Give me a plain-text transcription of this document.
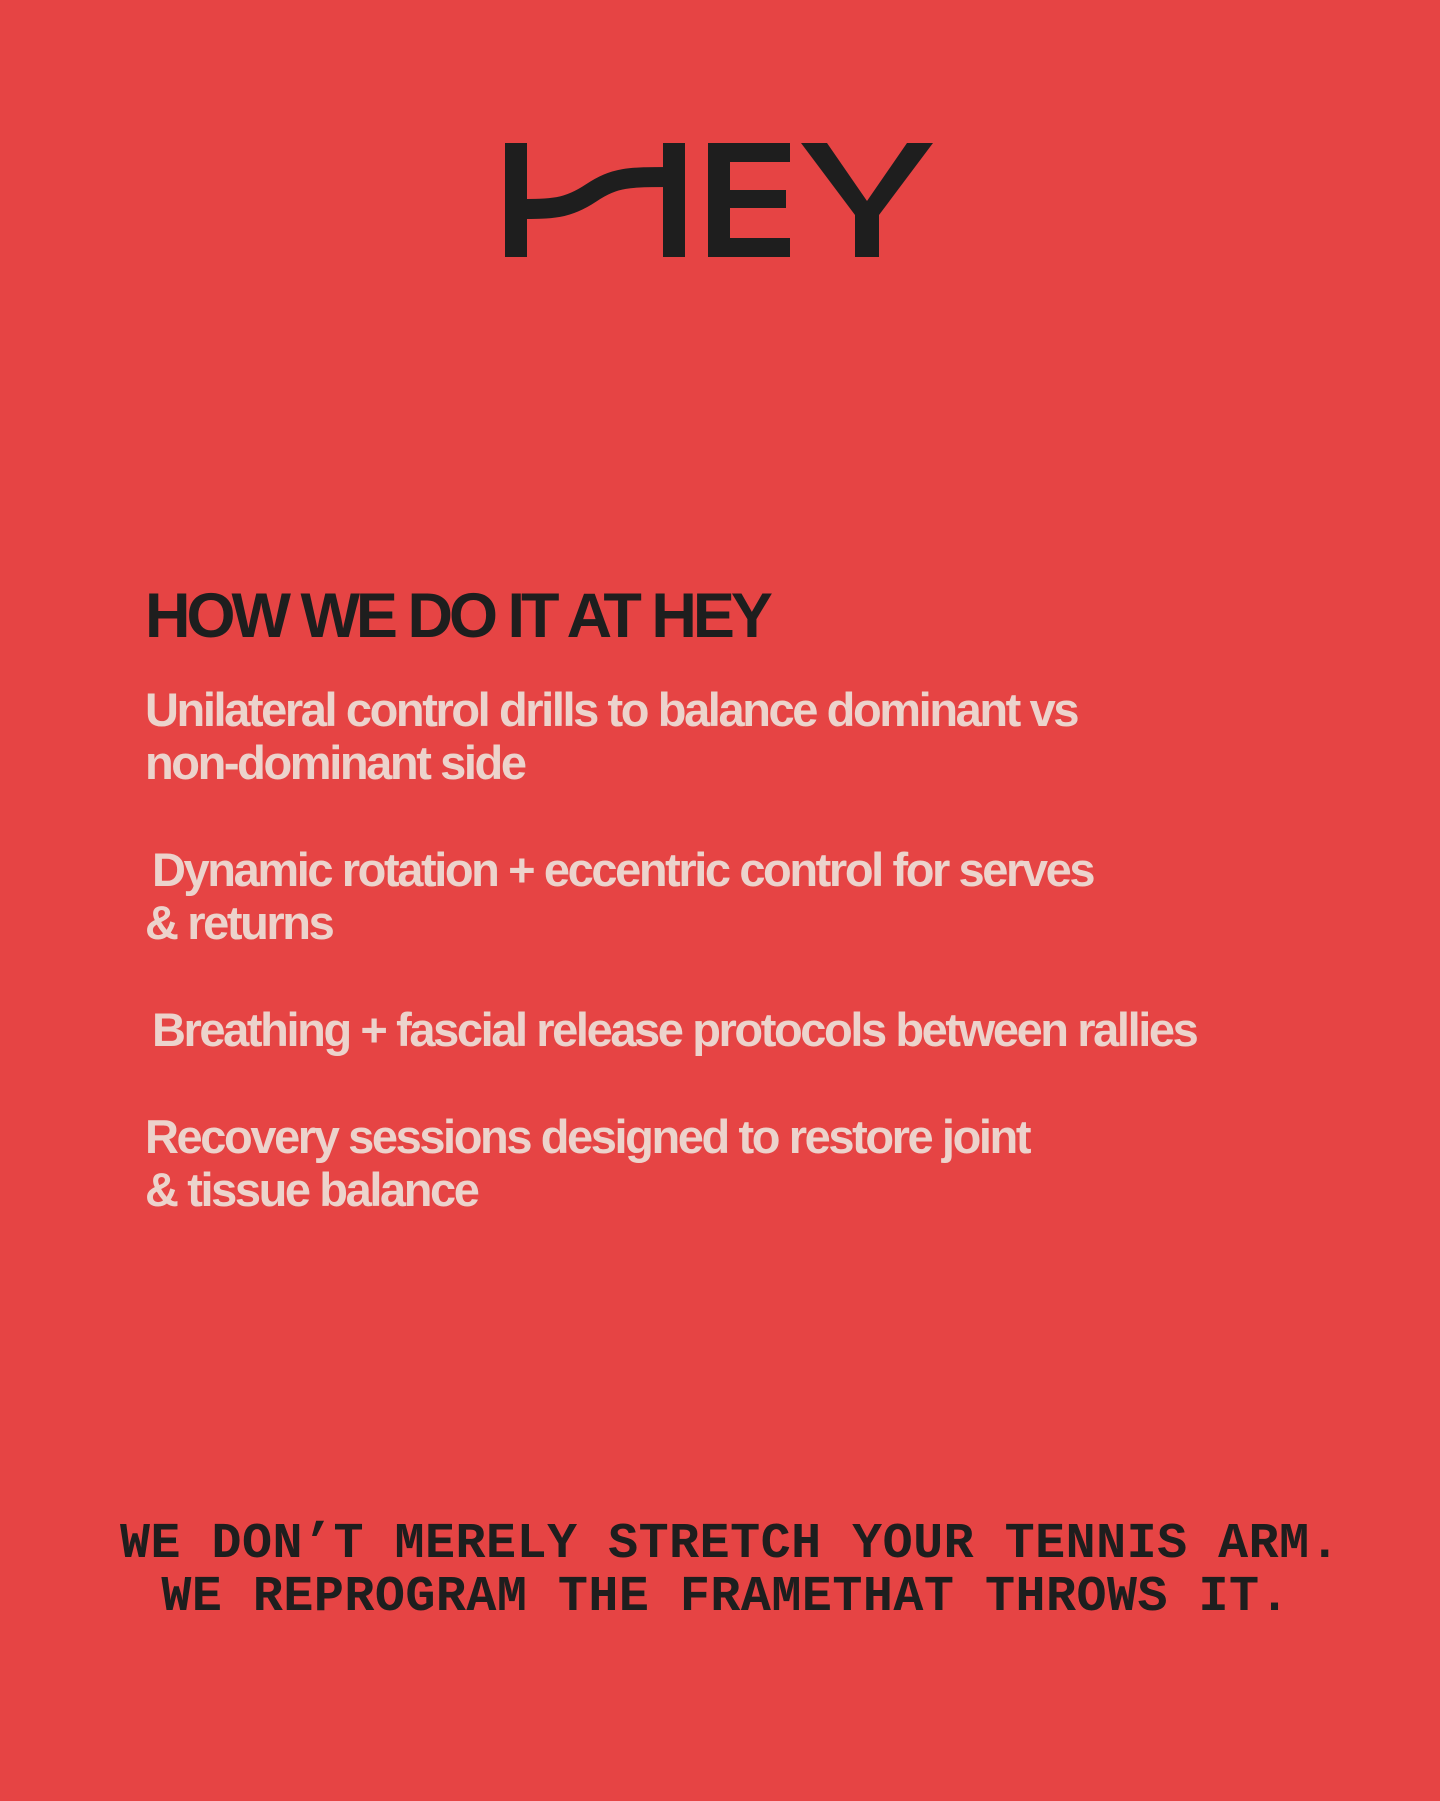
HOW WE DO IT AT HEY

Unilateral control drills to balance dominant vs
non-dominant side

Dynamic rotation + eccentric control for serves
& returns

Breathing + fascial release protocols between rallies

Recovery sessions designed to restore joint
& tissue balance

WE DON’T MERELY STRETCH YOUR TENNIS ARM.

WE REPROGRAM THE FRAMETHAT THROWS IT.
